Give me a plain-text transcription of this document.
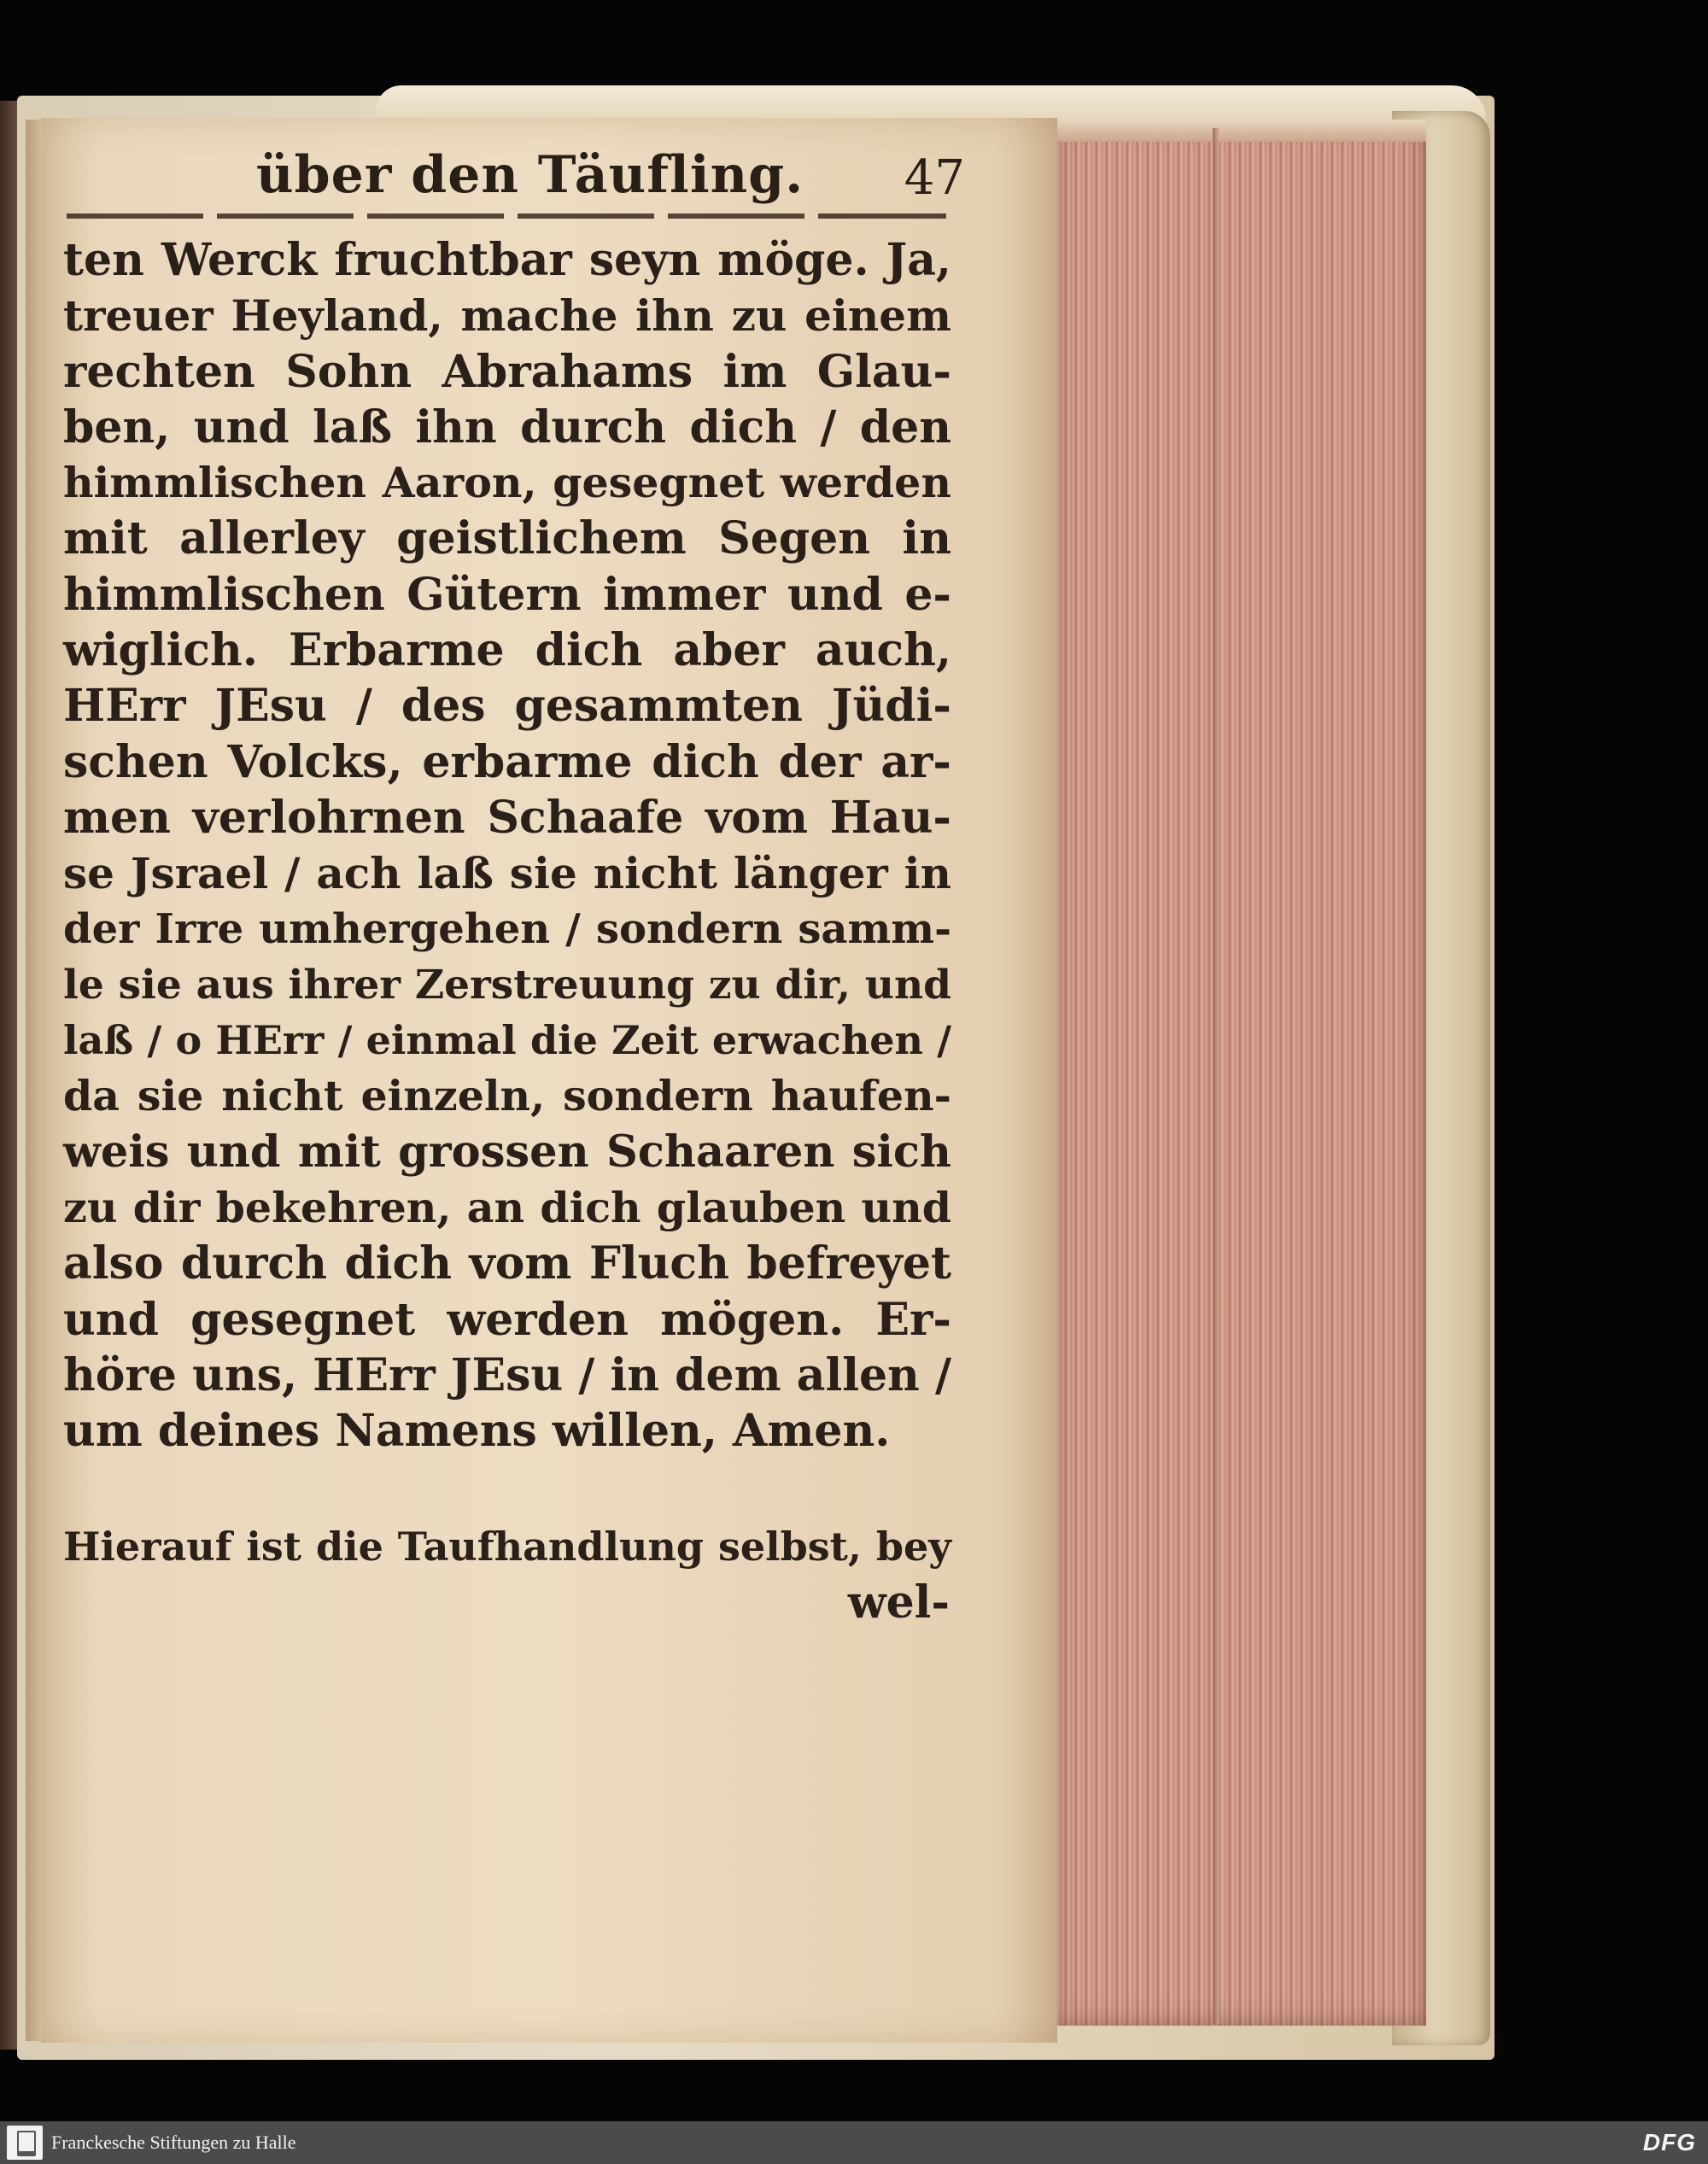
über den Täufling. 47
ten Werck fruchtbar seyn möge. Ja,
treuer Heyland, mache ihn zu einem
rechten Sohn Abrahams im Glau-
ben, und laß ihn durch dich / den
himmlischen Aaron, gesegnet werden
mit allerley geistlichem Segen in
himmlischen Gütern immer und e-
wiglich. Erbarme dich aber auch,
HErr JEsu / des gesammten Jüdi-
schen Volcks, erbarme dich der ar-
men verlohrnen Schaafe vom Hau-
se Jsrael / ach laß sie nicht länger in
der Irre umhergehen / sondern samm-
le sie aus ihrer Zerstreuung zu dir, und
laß / o HErr / einmal die Zeit erwachen /
da sie nicht einzeln, sondern haufen-
weis und mit grossen Schaaren sich
zu dir bekehren, an dich glauben und
also durch dich vom Fluch befreyet
und gesegnet werden mögen. Er-
höre uns, HErr JEsu / in dem allen /
um deines Namens willen, Amen.
Hierauf ist die Taufhandlung selbst, bey
wel-
Franckesche Stiftungen zu Halle	DFG
